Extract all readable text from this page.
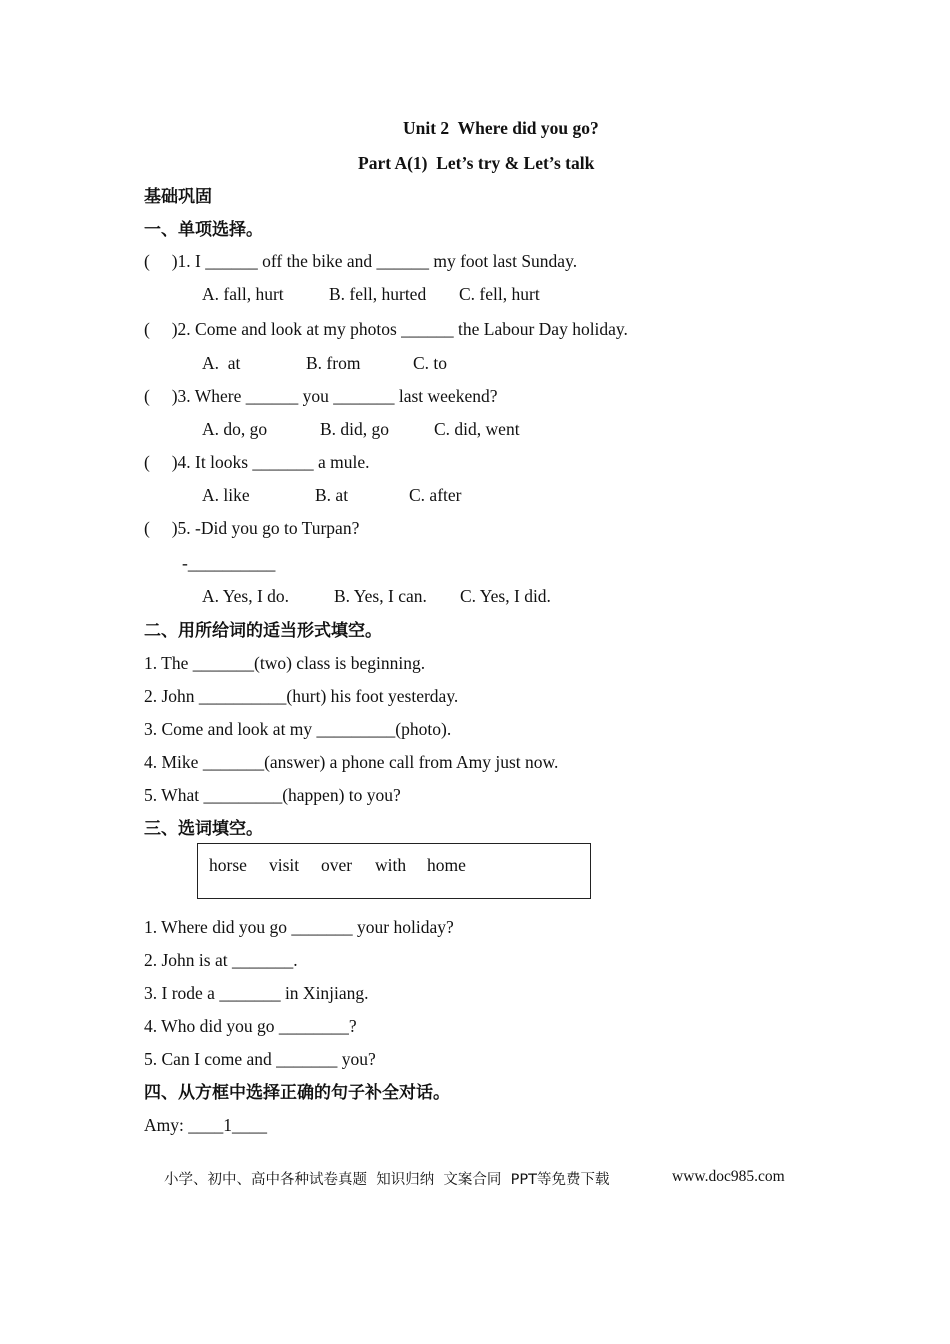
Unit 2  Where did you go?
Part A(1)  Let’s try & Let’s talk
基础巩固
一、单项选择。
(     )1. I ______ off the bike and ______ my foot last Sunday.
A. fall, hurt	B. fell, hurted C. fell, hurt
(     )2. Come and look at my photos ______ the Labour Day holiday.
A.  at	B. from	C. to
(     )3. Where ______ you _______ last weekend?
A. do, go	B. did, go	C. did, went
(     )4. It looks _______ a mule.
A. like	B. at	C. after
(     )5. -Did you go to Turpan?
-__________
A. Yes, I do.	B. Yes, I can. C. Yes, I did.
二、用所给词的适当形式填空。
1. The _______(two) class is beginning.
2. John __________(hurt) his foot yesterday.
3. Come and look at my _________(photo).
4. Mike _______(answer) a phone call from Amy just now.
5. What _________(happen) to you?
三、选词填空。
horse visit over with home
1. Where did you go _______ your holiday?
2. John is at _______.
3. I rode a _______ in Xinjiang.
4. Who did you go ________?
5. Can I come and _______ you?
四、从方框中选择正确的句子补全对话。
Amy: ____1____
小学、初中、高中各种试卷真题  知识归纳  文案合同  PPT等免费下载	www.doc985.com
